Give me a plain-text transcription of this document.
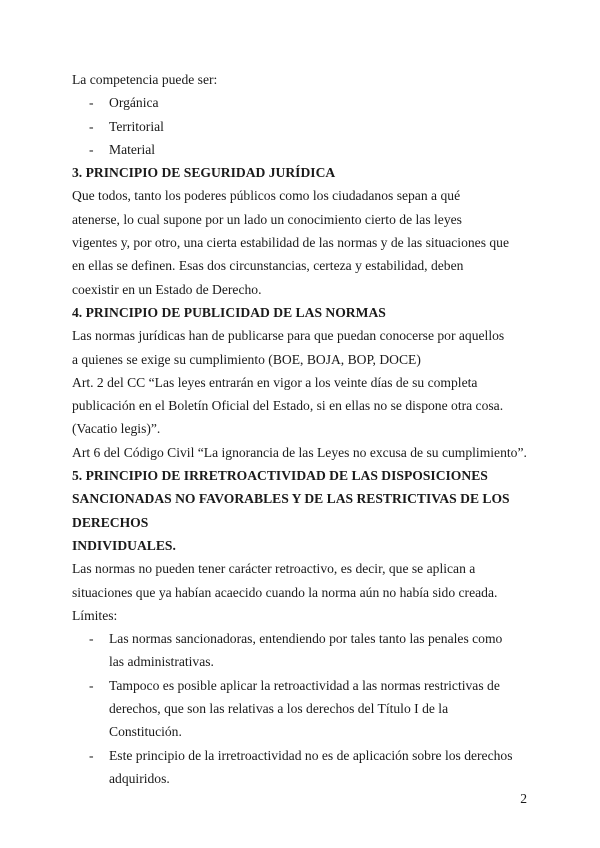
La competencia puede ser:

- Orgánica
- Territorial
- Material

3. PRINCIPIO DE SEGURIDAD JURÍDICA

Que todos, tanto los poderes públicos como los ciudadanos sepan a qué

atenerse, lo cual supone por un lado un conocimiento cierto de las leyes

vigentes y, por otro, una cierta estabilidad de las normas y de las situaciones que

en ellas se definen. Esas dos circunstancias, certeza y estabilidad, deben

coexistir en un Estado de Derecho.

4. PRINCIPIO DE PUBLICIDAD DE LAS NORMAS

Las normas jurídicas han de publicarse para que puedan conocerse por aquellos

a quienes se exige su cumplimiento (BOE, BOJA, BOP, DOCE)

Art. 2 del CC “Las leyes entrarán en vigor a los veinte días de su completa

publicación en el Boletín Oficial del Estado, si en ellas no se dispone otra cosa.

(Vacatio legis)”.

Art 6 del Código Civil “La ignorancia de las Leyes no excusa de su cumplimiento”.

5. PRINCIPIO DE IRRETROACTIVIDAD DE LAS DISPOSICIONES

SANCIONADAS NO FAVORABLES Y DE LAS RESTRICTIVAS DE LOS DERECHOS

INDIVIDUALES.

Las normas no pueden tener carácter retroactivo, es decir, que se aplican a

situaciones que ya habían acaecido cuando la norma aún no había sido creada.

Límites:

- Las normas sancionadoras, entendiendo por tales tanto las penales como
las administrativas.
- Tampoco es posible aplicar la retroactividad a las normas restrictivas de
derechos, que son las relativas a los derechos del Título I de la
Constitución.
- Este principio de la irretroactividad no es de aplicación sobre los derechos
adquiridos.
2
